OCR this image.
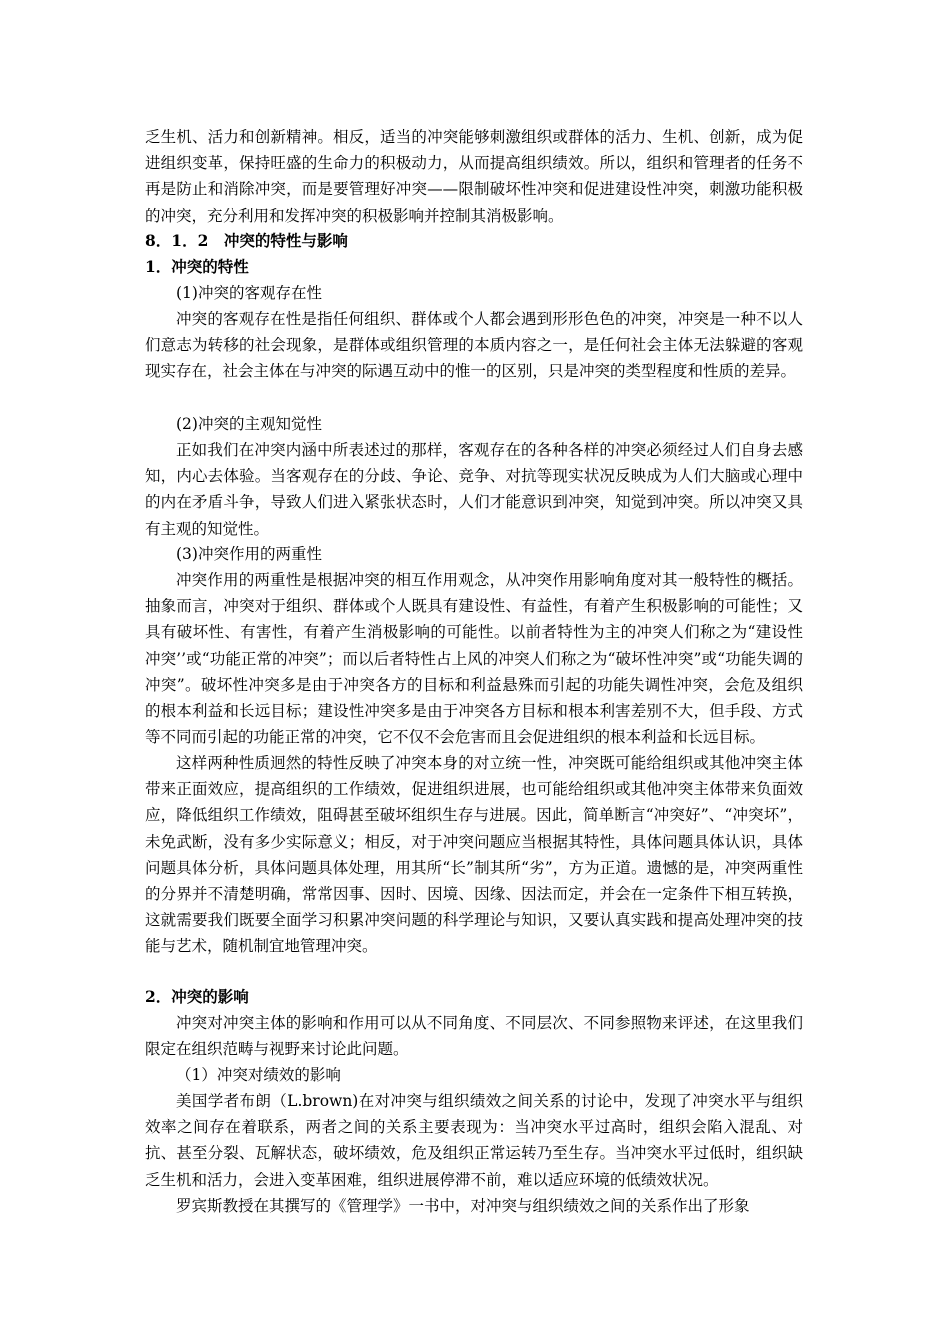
乏生机、活力和创新精神。相反，适当的冲突能够刺激组织或群体的活力、生机、创新，成为促进组织变革，保持旺盛的生命力的积极动力，从而提高组织绩效。所以，组织和管理者的任务不再是防止和消除冲突，而是要管理好冲突——限制破坏性冲突和促进建设性冲突，刺激功能积极的冲突，充分利用和发挥冲突的积极影响并控制其消极影响。

8．1．2　冲突的特性与影响

1．冲突的特性

(1)冲突的客观存在性

冲突的客观存在性是指任何组织、群体或个人都会遇到形形色色的冲突，冲突是一种不以人们意志为转移的社会现象，是群体或组织管理的本质内容之一，是任何社会主体无法躲避的客观现实存在，社会主体在与冲突的际遇互动中的惟一的区别，只是冲突的类型程度和性质的差异。

(2)冲突的主观知觉性

正如我们在冲突内涵中所表述过的那样，客观存在的各种各样的冲突必须经过人们自身去感知，内心去体验。当客观存在的分歧、争论、竞争、对抗等现实状况反映成为人们大脑或心理中的内在矛盾斗争，导致人们进入紧张状态时，人们才能意识到冲突，知觉到冲突。所以冲突又具有主观的知觉性。

(3)冲突作用的两重性

冲突作用的两重性是根据冲突的相互作用观念，从冲突作用影响角度对其一般特性的概括。抽象而言，冲突对于组织、群体或个人既具有建设性、有益性，有着产生积极影响的可能性；又具有破坏性、有害性，有着产生消极影响的可能性。以前者特性为主的冲突人们称之为“建设性冲突’’或“功能正常的冲突”；而以后者特性占上风的冲突人们称之为“破坏性冲突”或“功能失调的冲突”。破坏性冲突多是由于冲突各方的目标和利益悬殊而引起的功能失调性冲突，会危及组织的根本利益和长远目标；建设性冲突多是由于冲突各方目标和根本利害差别不大，但手段、方式等不同而引起的功能正常的冲突，它不仅不会危害而且会促进组织的根本利益和长远目标。

这样两种性质迥然的特性反映了冲突本身的对立统一性，冲突既可能给组织或其他冲突主体带来正面效应，提高组织的工作绩效，促进组织进展，也可能给组织或其他冲突主体带来负面效应，降低组织工作绩效，阻碍甚至破坏组织生存与进展。因此，简单断言“冲突好”、“冲突坏”，未免武断，没有多少实际意义；相反，对于冲突问题应当根据其特性，具体问题具体认识，具体问题具体分析，具体问题具体处理，用其所“长”制其所“劣”，方为正道。遗憾的是，冲突两重性的分界并不清楚明确，常常因事、因时、因境、因缘、因法而定，并会在一定条件下相互转换，这就需要我们既要全面学习积累冲突问题的科学理论与知识，又要认真实践和提高处理冲突的技能与艺术，随机制宜地管理冲突。

2．冲突的影响

冲突对冲突主体的影响和作用可以从不同角度、不同层次、不同参照物来评述，在这里我们限定在组织范畴与视野来讨论此问题。

（1）冲突对绩效的影响

美国学者布朗（L.brown)在对冲突与组织绩效之间关系的讨论中，发现了冲突水平与组织效率之间存在着联系，两者之间的关系主要表现为：当冲突水平过高时，组织会陷入混乱、对抗、甚至分裂、瓦解状态，破坏绩效，危及组织正常运转乃至生存。当冲突水平过低时，组织缺乏生机和活力，会进入变革困难，组织进展停滞不前，难以适应环境的低绩效状况。

罗宾斯教授在其撰写的《管理学》一书中，对冲突与组织绩效之间的关系作出了形象
